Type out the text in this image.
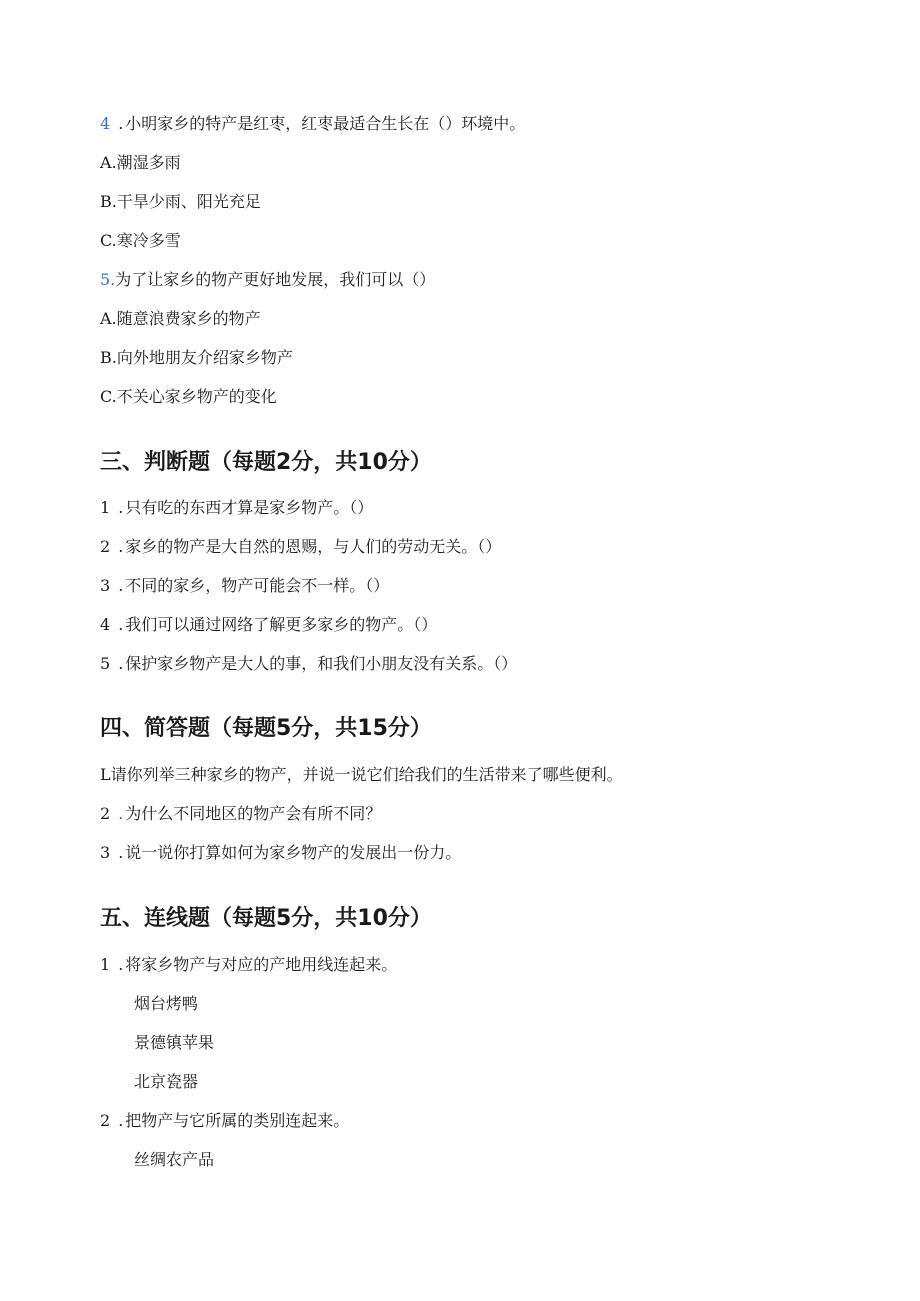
4 . 小明家乡的特产是红枣，红枣最适合生长在（）环境中。
A.潮湿多雨
B.干旱少雨、阳光充足
C.寒冷多雪
5.为了让家乡的物产更好地发展，我们可以（）
A.随意浪费家乡的物产
B.向外地朋友介绍家乡物产
C.不关心家乡物产的变化
三、判断题（每题2分，共10分）
1 . 只有吃的东西才算是家乡物产。（）
2 . 家乡的物产是大自然的恩赐，与人们的劳动无关。（）
3 . 不同的家乡，物产可能会不一样。（）
4 . 我们可以通过网络了解更多家乡的物产。（）
5 . 保护家乡物产是大人的事，和我们小朋友没有关系。（）
四、简答题（每题5分，共15分）
L请你列举三种家乡的物产，并说一说它们给我们的生活带来了哪些便利。
2 . 为什么不同地区的物产会有所不同？
3 . 说一说你打算如何为家乡物产的发展出一份力。
五、连线题（每题5分，共10分）
1 . 将家乡物产与对应的产地用线连起来。
烟台烤鸭
景德镇苹果
北京瓷器
2 . 把物产与它所属的类别连起来。
丝绸农产品
